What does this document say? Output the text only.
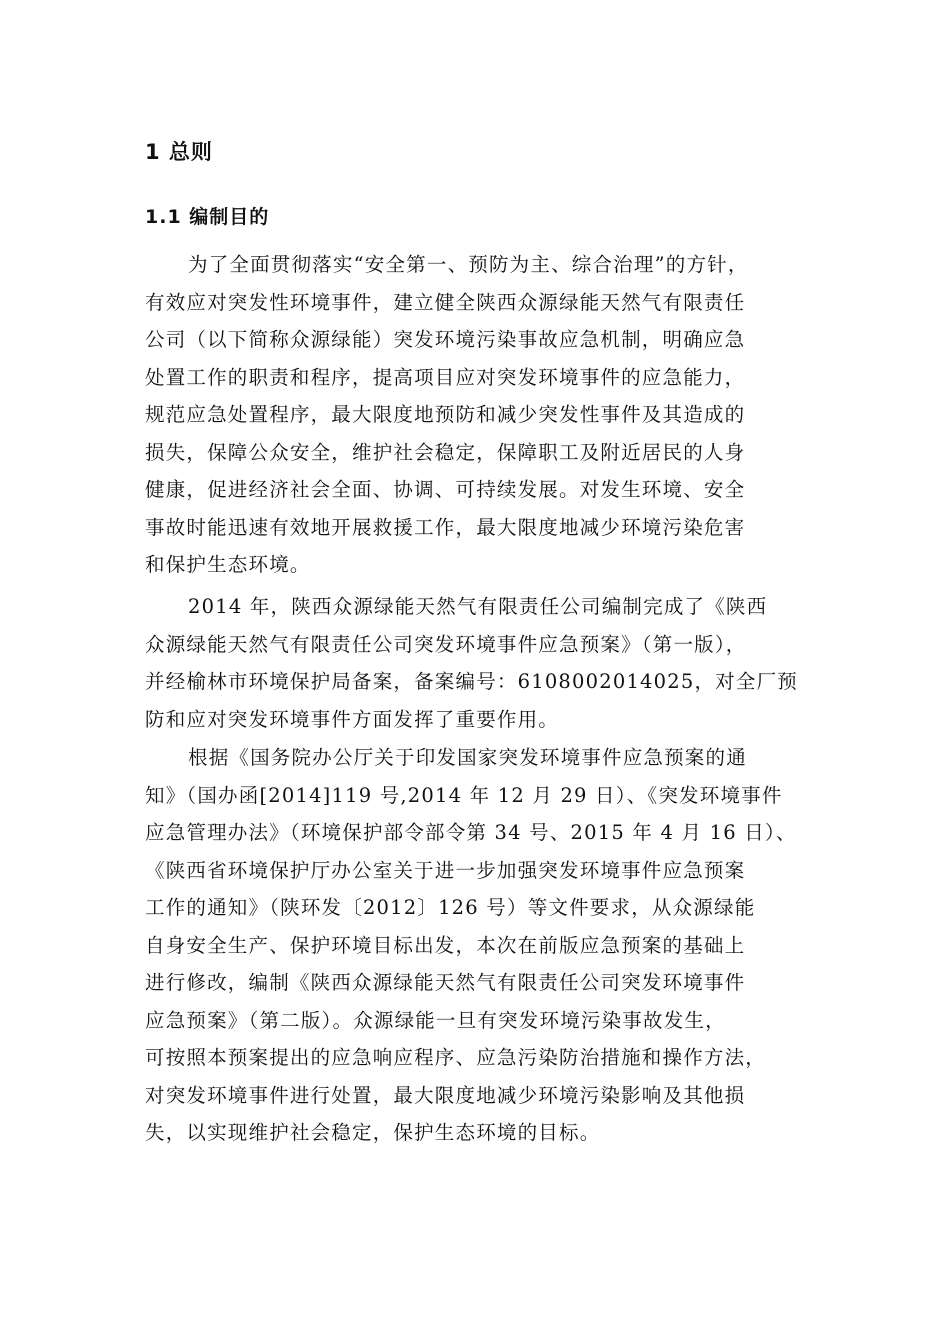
1 总则
1.1 编制目的
为了全面贯彻落实“安全第一、预防为主、综合治理”的方针，
有效应对突发性环境事件，建立健全陕西众源绿能天然气有限责任
公司（以下简称众源绿能）突发环境污染事故应急机制，明确应急
处置工作的职责和程序，提高项目应对突发环境事件的应急能力，
规范应急处置程序，最大限度地预防和减少突发性事件及其造成的
损失，保障公众安全，维护社会稳定，保障职工及附近居民的人身
健康，促进经济社会全面、协调、可持续发展。对发生环境、安全
事故时能迅速有效地开展救援工作，最大限度地减少环境污染危害
和保护生态环境。
2014 年，陕西众源绿能天然气有限责任公司编制完成了《陕西
众源绿能天然气有限责任公司突发环境事件应急预案》（第一版），
并经榆林市环境保护局备案，备案编号：6108002014025，对全厂预
防和应对突发环境事件方面发挥了重要作用。
根据《国务院办公厅关于印发国家突发环境事件应急预案的通
知》（国办函[2014]119 号,2014 年 12 月 29 日）、《突发环境事件
应急管理办法》（环境保护部令部令第 34 号、2015 年 4 月 16 日）、
《陕西省环境保护厅办公室关于进一步加强突发环境事件应急预案
工作的通知》（陕环发〔2012〕126 号）等文件要求，从众源绿能
自身安全生产、保护环境目标出发，本次在前版应急预案的基础上
进行修改，编制《陕西众源绿能天然气有限责任公司突发环境事件
应急预案》（第二版）。众源绿能一旦有突发环境污染事故发生，
可按照本预案提出的应急响应程序、应急污染防治措施和操作方法，
对突发环境事件进行处置，最大限度地减少环境污染影响及其他损
失，以实现维护社会稳定，保护生态环境的目标。
